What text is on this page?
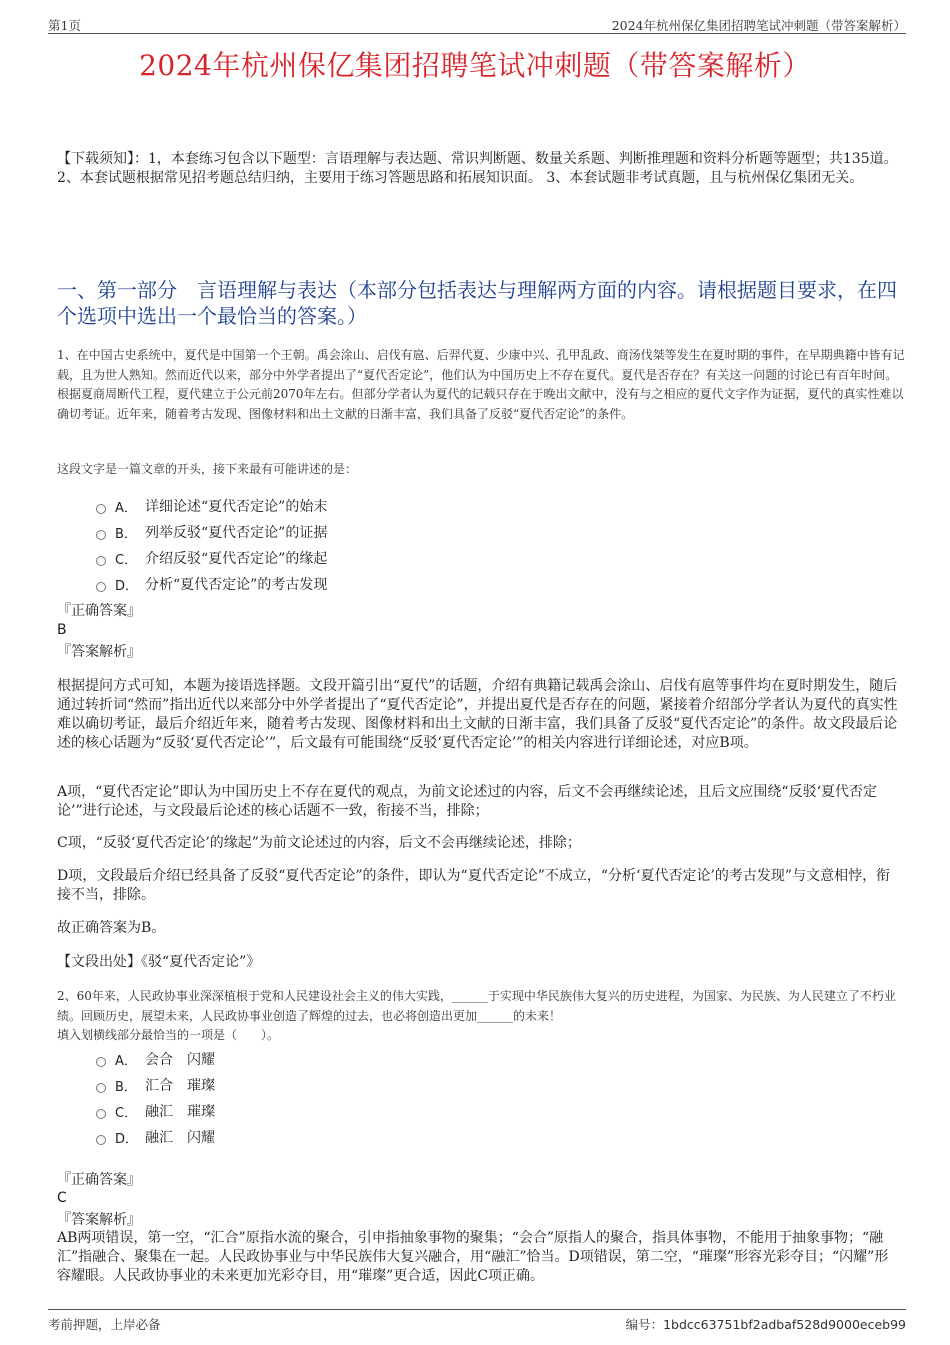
第1页	2024年杭州保亿集团招聘笔试冲刺题（带答案解析）
2024年杭州保亿集团招聘笔试冲刺题（带答案解析）
【下载须知】：1，本套练习包含以下题型：言语理解与表达题、常识判断题、数量关系题、判断推理题和资料分析题等题型；共135道。 2、本套试题根据常见招考题总结归纳，主要用于练习答题思路和拓展知识面。 3、本套试题非考试真题，且与杭州保亿集团无关。
一、第一部分　言语理解与表达（本部分包括表达与理解两方面的内容。请根据题目要求，在四个选项中选出一个最恰当的答案。）
1、在中国古史系统中，夏代是中国第一个王朝。禹会涂山、启伐有扈、后羿代夏、少康中兴、孔甲乱政、商汤伐桀等发生在夏时期的事件，在早期典籍中皆有记载，且为世人熟知。然而近代以来，部分中外学者提出了“夏代否定论”，他们认为中国历史上不存在夏代。夏代是否存在？有关这一问题的讨论已有百年时间。根据夏商周断代工程，夏代建立于公元前2070年左右。但部分学者认为夏代的记载只存在于晚出文献中，没有与之相应的夏代文字作为证据，夏代的真实性难以确切考证。近年来，随着考古发现、图像材料和出土文献的日渐丰富，我们具备了反驳“夏代否定论”的条件。
这段文字是一篇文章的开头，接下来最有可能讲述的是：
A． 详细论述“夏代否定论”的始末
B． 列举反驳“夏代否定论”的证据
C． 介绍反驳“夏代否定论”的缘起
D． 分析“夏代否定论”的考古发现
『正确答案』
B
『答案解析』
根据提问方式可知，本题为接语选择题。文段开篇引出“夏代”的话题，介绍有典籍记载禹会涂山、启伐有扈等事件均在夏时期发生，随后通过转折词“然而”指出近代以来部分中外学者提出了“夏代否定论”，并提出夏代是否存在的问题，紧接着介绍部分学者认为夏代的真实性难以确切考证，最后介绍近年来，随着考古发现、图像材料和出土文献的日渐丰富，我们具备了反驳“夏代否定论”的条件。故文段最后论述的核心话题为“反驳‘夏代否定论’”，后文最有可能围绕“反驳‘夏代否定论’”的相关内容进行详细论述，对应B项。
A项，“夏代否定论”即认为中国历史上不存在夏代的观点，为前文论述过的内容，后文不会再继续论述，且后文应围绕“反驳‘夏代否定论’”进行论述，与文段最后论述的核心话题不一致，衔接不当，排除；
C项，“反驳‘夏代否定论’的缘起”为前文论述过的内容，后文不会再继续论述，排除；
D项，文段最后介绍已经具备了反驳“夏代否定论”的条件，即认为“夏代否定论”不成立，“分析‘夏代否定论’的考古发现”与文意相悖，衔接不当，排除。
故正确答案为B。
【文段出处】《驳“夏代否定论”》
2、60年来，人民政协事业深深植根于党和人民建设社会主义的伟大实践，______于实现中华民族伟大复兴的历史进程，为国家、为民族、为人民建立了不朽业绩。回顾历史，展望未来，人民政协事业创造了辉煌的过去，也必将创造出更加______的未来！
填入划横线部分最恰当的一项是（　　）。
A． 会合　闪耀
B． 汇合　璀璨
C． 融汇　璀璨
D． 融汇　闪耀
『正确答案』
C
『答案解析』
AB两项错误，第一空，“汇合”原指水流的聚合，引申指抽象事物的聚集；“会合”原指人的聚合，指具体事物，不能用于抽象事物；“融汇”指融合、聚集在一起。人民政协事业与中华民族伟大复兴融合，用“融汇”恰当。D项错误，第二空，“璀璨”形容光彩夺目；“闪耀”形容耀眼。人民政协事业的未来更加光彩夺目，用“璀璨”更合适，因此C项正确。
考前押题，上岸必备	编号：1bdcc63751bf2adbaf528d9000eceb99
